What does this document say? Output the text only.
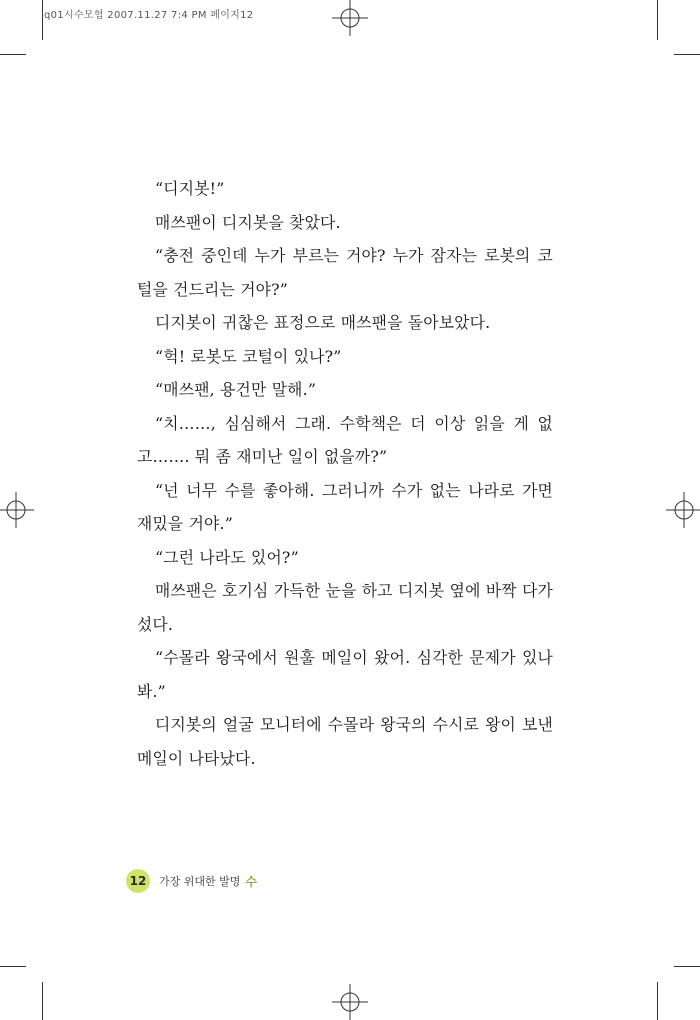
q01시수모험 2007.11.27 7:4 PM 페이지12

“디지봇!”

매쓰팬이 디지봇을 찾았다.

“충전 중인데 누가 부르는 거야? 누가 잠자는 로봇의 코털을 건드리는 거야?”

디지봇이 귀찮은 표정으로 매쓰팬을 돌아보았다.

“헉! 로봇도 코털이 있나?”

“매쓰팬, 용건만 말해.”

“치……, 심심해서 그래. 수학책은 더 이상 읽을 게 없고……. 뭐 좀 재미난 일이 없을까?”

“넌 너무 수를 좋아해. 그러니까 수가 없는 나라로 가면 재밌을 거야.”

“그런 나라도 있어?”

매쓰팬은 호기심 가득한 눈을 하고 디지봇 옆에 바짝 다가섰다.

“수몰라 왕국에서 원훌 메일이 왔어. 심각한 문제가 있나 봐.”

디지봇의 얼굴 모니터에 수몰라 왕국의 수시로 왕이 보낸 메일이 나타났다.

12	가장 위대한 발명 수
